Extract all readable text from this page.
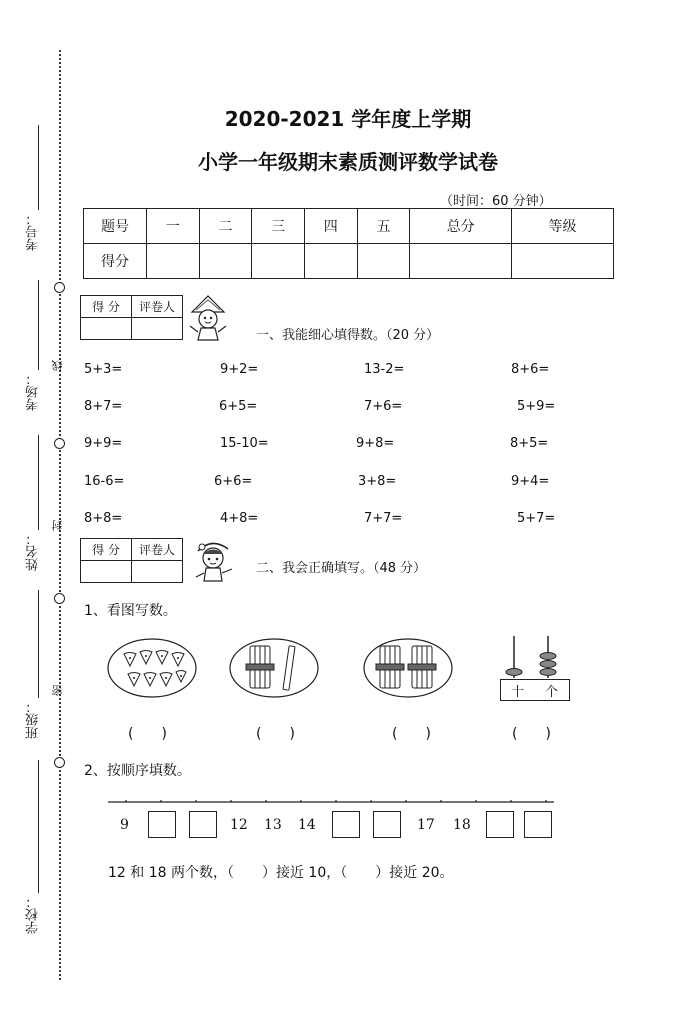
考号：
考场：
姓名：
班级：
学校：
线
封
密
2020-2021 学年度上学期
小学一年级期末素质测评数学试卷
（时间：60 分钟）
题号	一	二	三	四	五	总分	等级
得分							
得 分	评卷人

一、我能细心填得数。（20 分）
5+3=	9+2=	13-2=	8+6=
8+7=	6+5=	7+6=	5+9=
9+9=	15-10=	9+8=	8+5=
16-6=	6+6=	3+8=	9+4=
8+8=	4+8=	7+7=	5+7=
得 分	评卷人

二、我会正确填写。（48 分）
1、看图写数。
十 个
(　　)	(　　)	(　　)	(　　)
2、按顺序填数。
9	12 13 14	17 18
12 和 18 两个数，（　　）接近 10，（　　）接近 20。
